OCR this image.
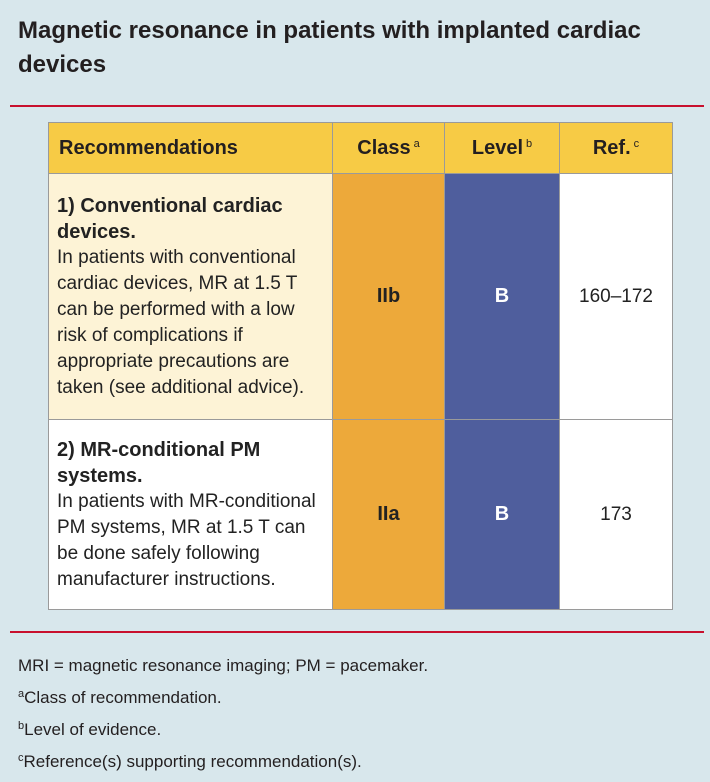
Magnetic resonance in patients with implanted cardiac devices
Recommendations	Class $^a$	Level $^b$	Ref. $^c$

1) Conventional cardiac devices.
In patients with conventional cardiac devices, MR at 1.5 T can be performed with a low risk of complications if appropriate precautions are taken (see additional advice).	IIb	B	160–172

2) MR-conditional PM systems.
In patients with MR-conditional PM systems, MR at 1.5 T can be done safely following manufacturer instructions.	IIa	B	173
MRI = magnetic resonance imaging; PM = pacemaker.
$^a$Class of recommendation.
$^b$Level of evidence.
$^c$Reference(s) supporting recommendation(s).
